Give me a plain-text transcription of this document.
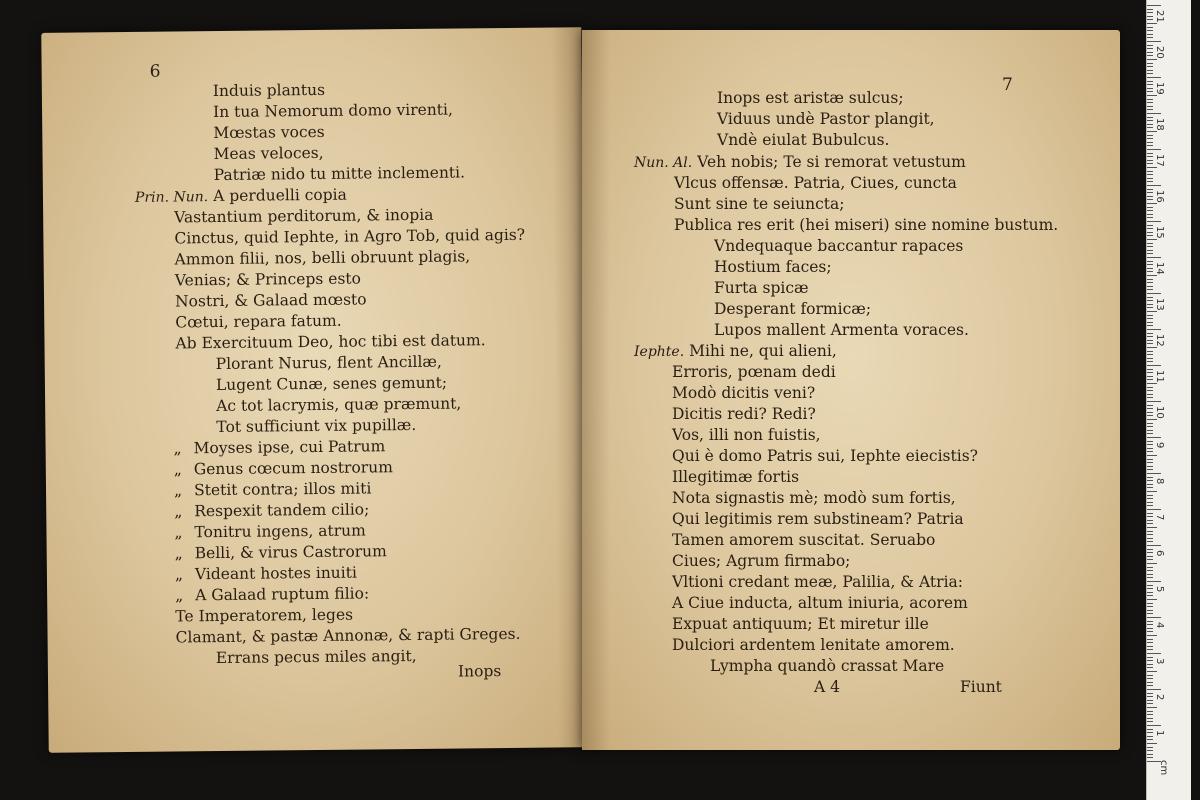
6
Induis plantus
In tua Nemorum domo virenti,
Mœstas voces
Meas veloces,
Patriæ nido tu mitte inclementi.
Prin. Nun. A perduelli copia
Vastantium perditorum, & inopia
Cinctus, quid Iephte, in Agro Tob, quid agis?
Ammon filii, nos, belli obruunt plagis,
Venias; & Princeps esto
Nostri, & Galaad mœsto
Cœtui, repara fatum.
Ab Exercituum Deo, hoc tibi est datum.
Plorant Nurus, flent Ancillæ,
Lugent Cunæ, senes gemunt;
Ac tot lacrymis, quæ præmunt,
Tot sufficiunt vix pupillæ.
„ Moyses ipse, cui Patrum
„ Genus cœcum nostrorum
„ Stetit contra; illos miti
„ Respexit tandem cilio;
„ Tonitru ingens, atrum
„ Belli, & virus Castrorum
„ Videant hostes inuiti
„ A Galaad ruptum filio:
Te Imperatorem, leges
Clamant, & pastæ Annonæ, & rapti Greges.
Errans pecus miles angit,
Inops
7
Inops est aristæ sulcus;
Viduus undè Pastor plangit,
Vndè eiulat Bubulcus.
Nun. Al. Veh nobis; Te si remorat vetustum
Vlcus offensæ. Patria, Ciues, cuncta
Sunt sine te seiuncta;
Publica res erit (hei miseri) sine nomine bustum.
Vndequaque baccantur rapaces
Hostium faces;
Furta spicæ
Desperant formicæ;
Lupos mallent Armenta voraces.
Iephte. Mihi ne, qui alieni,
Erroris, pœnam dedi
Modò dicitis veni?
Dicitis redi? Redi?
Vos, illi non fuistis,
Qui è domo Patris sui, Iephte eiecistis?
Illegitimæ fortis
Nota signastis mè; modò sum fortis,
Qui legitimis rem substineam? Patria
Tamen amorem suscitat. Seruabo
Ciues; Agrum firmabo;
Vltioni credant meæ, Palilia, & Atria:
A Ciue inducta, altum iniuria, acorem
Expuat antiquum; Et miretur ille
Dulciori ardentem lenitate amorem.
Lympha quandò crassat Mare
A 4	Fiunt
21
20
19
18
17
16
15
14
13
12
11
10
9
8
7
6
5
4
3
2
1
cm
